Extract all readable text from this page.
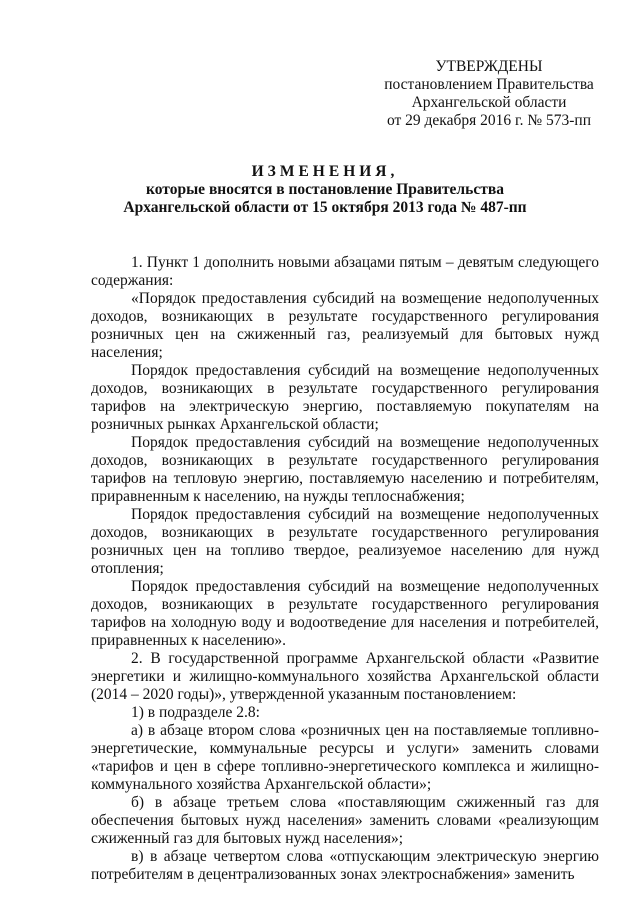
УТВЕРЖДЕНЫ
постановлением Правительства
Архангельской области
от 29 декабря 2016 г. № 573-пп
ИЗМЕНЕНИЯ,
которые вносятся в постановление Правительства
Архангельской области от 15 октября 2013 года № 487-пп

1. Пункт 1 дополнить новыми абзацами пятым – девятым следующего содержания:

«Порядок предоставления субсидий на возмещение недополученных доходов, возникающих в результате государственного регулирования розничных цен на сжиженный газ, реализуемый для бытовых нужд населения;

Порядок предоставления субсидий на возмещение недополученных доходов, возникающих в результате государственного регулирования тарифов на электрическую энергию, поставляемую покупателям на розничных рынках Архангельской области;

Порядок предоставления субсидий на возмещение недополученных доходов, возникающих в результате государственного регулирования тарифов на тепловую энергию, поставляемую населению и потребителям, приравненным к населению, на нужды теплоснабжения;

Порядок предоставления субсидий на возмещение недополученных доходов, возникающих в результате государственного регулирования розничных цен на топливо твердое, реализуемое населению для нужд отопления;

Порядок предоставления субсидий на возмещение недополученных доходов, возникающих в результате государственного регулирования тарифов на холодную воду и водоотведение для населения и потребителей, приравненных к населению».

2. В государственной программе Архангельской области «Развитие энергетики и жилищно-коммунального хозяйства Архангельской области (2014 – 2020 годы)», утвержденной указанным постановлением:

1) в подразделе 2.8:

а) в абзаце втором слова «розничных цен на поставляемые топливно-энергетические, коммунальные ресурсы и услуги» заменить словами «тарифов и цен в сфере топливно-энергетического комплекса и жилищно-коммунального хозяйства Архангельской области»;

б) в абзаце третьем слова «поставляющим сжиженный газ для обеспечения бытовых нужд населения» заменить словами «реализующим сжиженный газ для бытовых нужд населения»;

в) в абзаце четвертом слова «отпускающим электрическую энергию потребителям в децентрализованных зонах электроснабжения» заменить
